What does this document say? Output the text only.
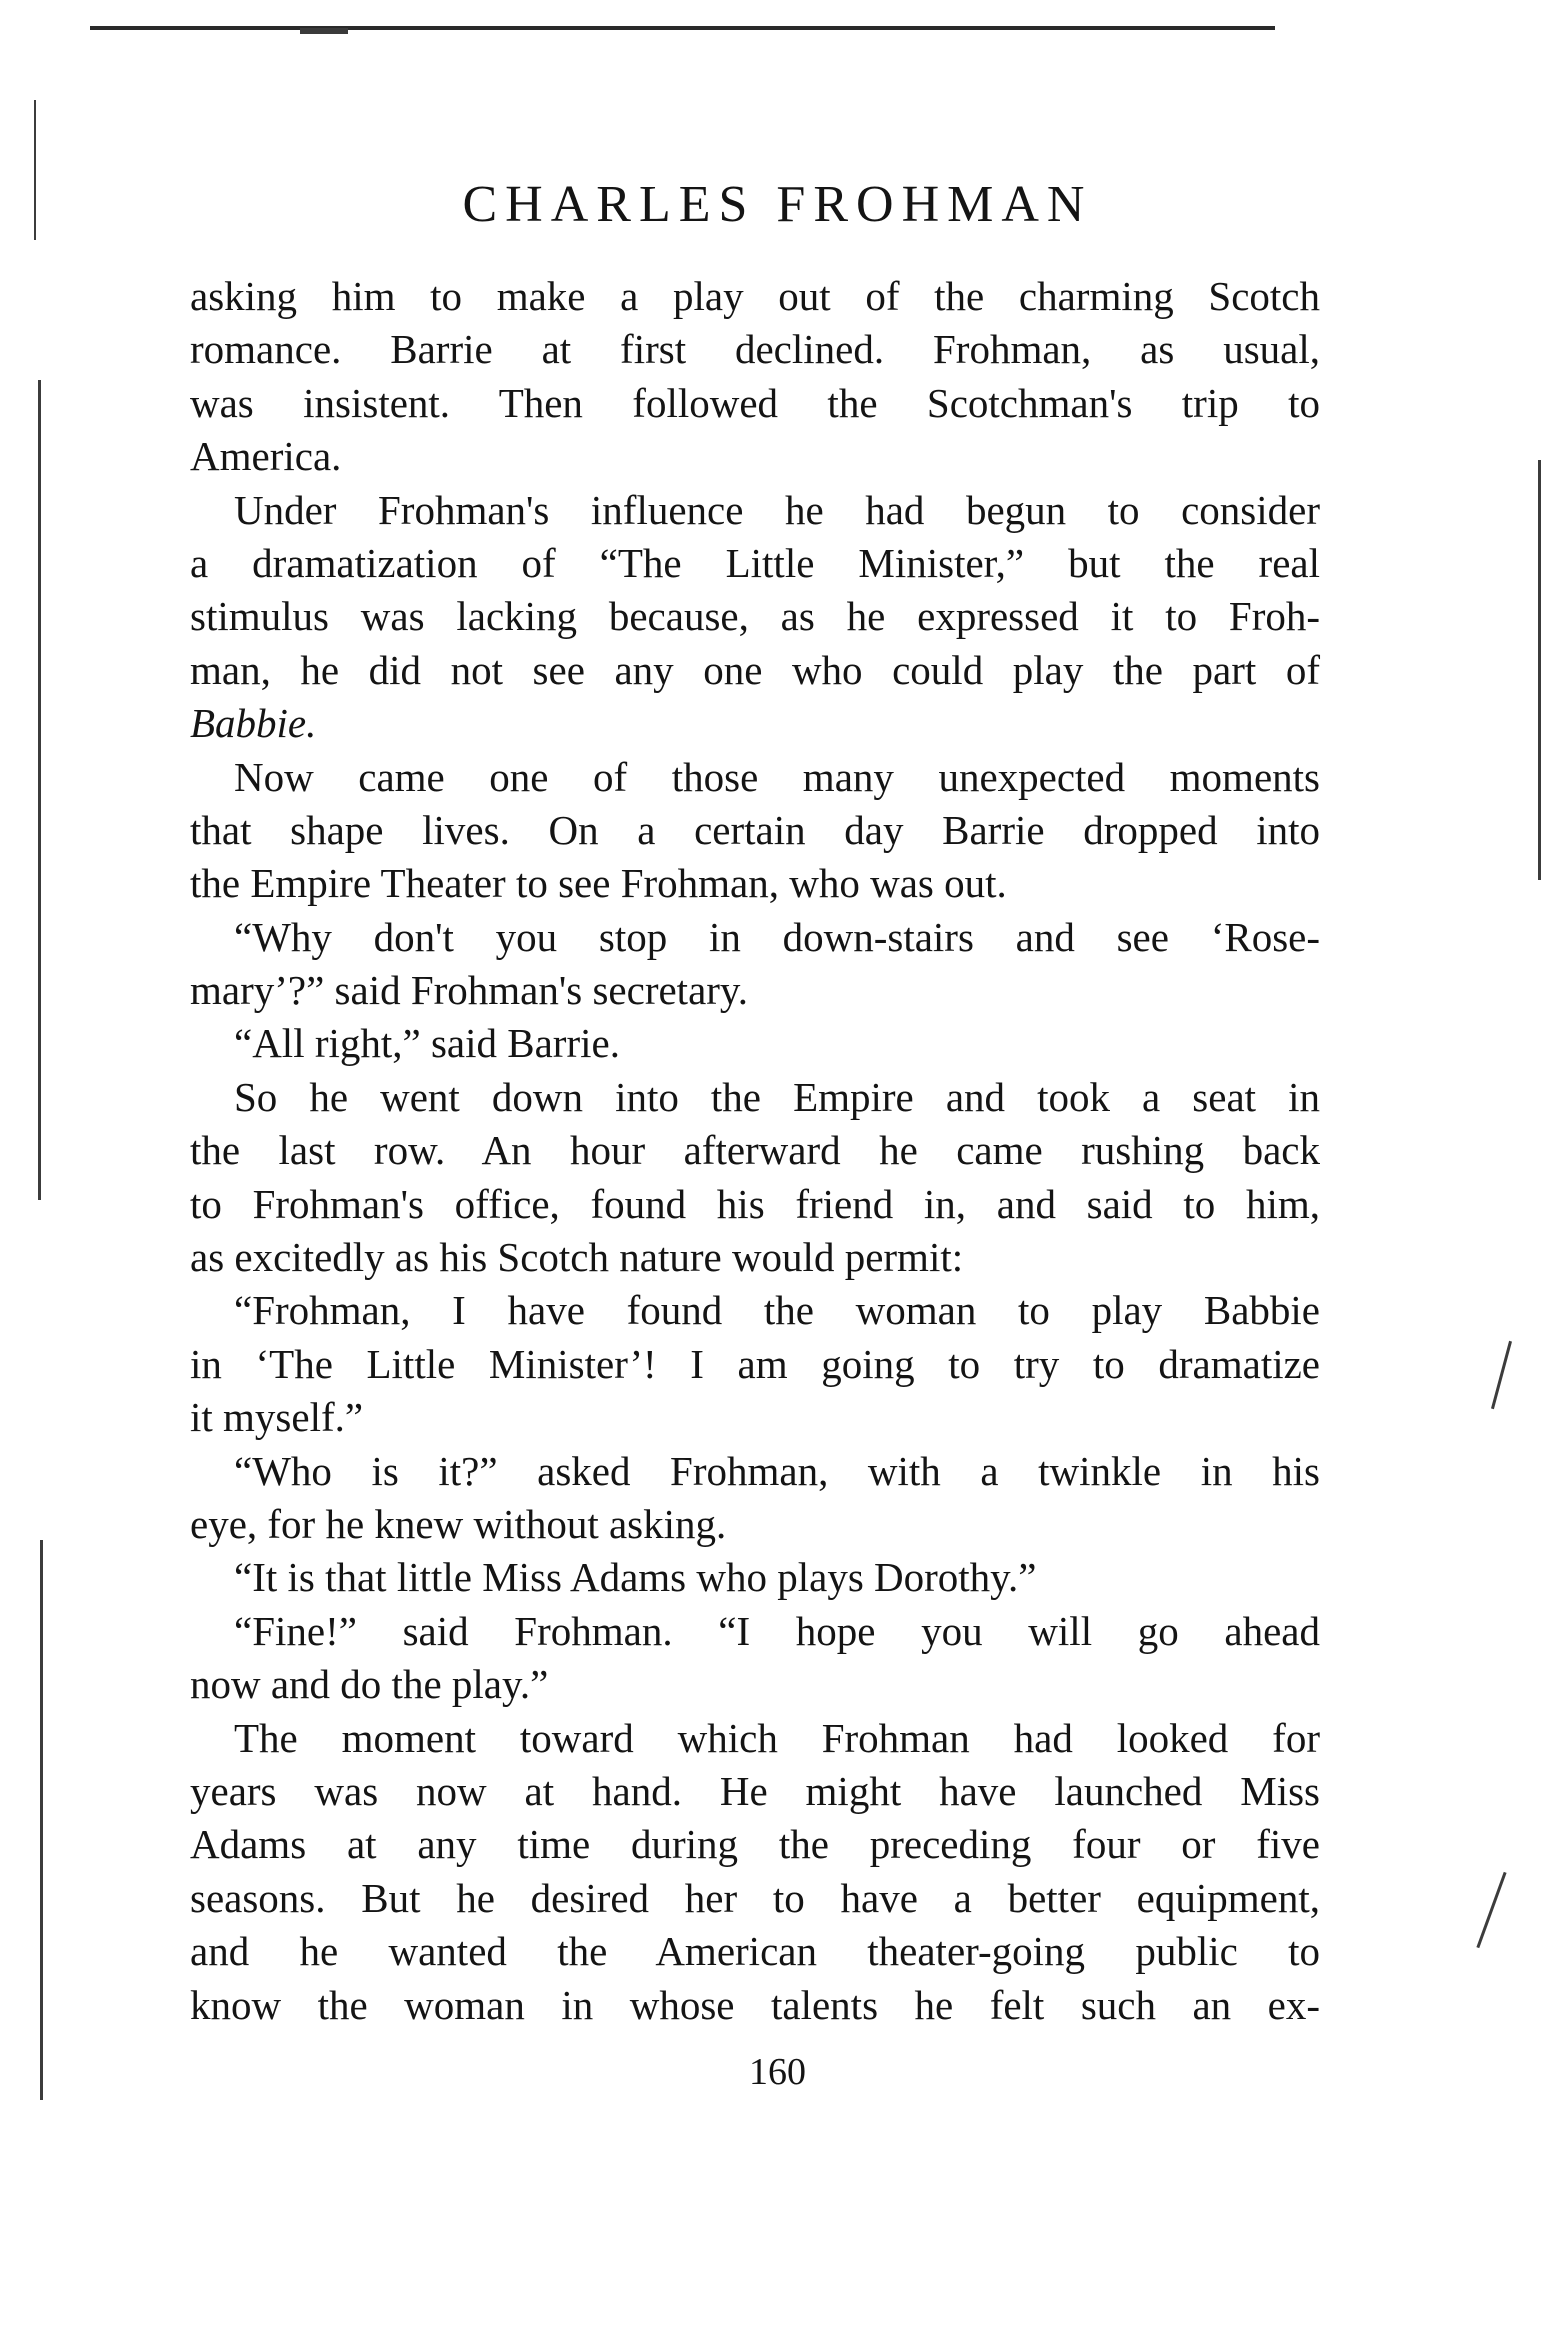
CHARLES FROHMAN
asking him to make a play out of the charming Scotch
romance. Barrie at first declined. Frohman, as usual,
was insistent. Then followed the Scotchman's trip to
America.
Under Frohman's influence he had begun to consider
a dramatization of “The Little Minister,” but the real
stimulus was lacking because, as he expressed it to Froh-
man, he did not see any one who could play the part of
Babbie.
Now came one of those many unexpected moments
that shape lives. On a certain day Barrie dropped into
the Empire Theater to see Frohman, who was out.
“Why don't you stop in down-stairs and see ‘Rose-
mary’?” said Frohman's secretary.
“All right,” said Barrie.
So he went down into the Empire and took a seat in
the last row. An hour afterward he came rushing back
to Frohman's office, found his friend in, and said to him,
as excitedly as his Scotch nature would permit:
“Frohman, I have found the woman to play Babbie
in ‘The Little Minister’! I am going to try to dramatize
it myself.”
“Who is it?” asked Frohman, with a twinkle in his
eye, for he knew without asking.
“It is that little Miss Adams who plays Dorothy.”
“Fine!” said Frohman. “I hope you will go ahead
now and do the play.”
The moment toward which Frohman had looked for
years was now at hand. He might have launched Miss
Adams at any time during the preceding four or five
seasons. But he desired her to have a better equipment,
and he wanted the American theater-going public to
know the woman in whose talents he felt such an ex-
160
